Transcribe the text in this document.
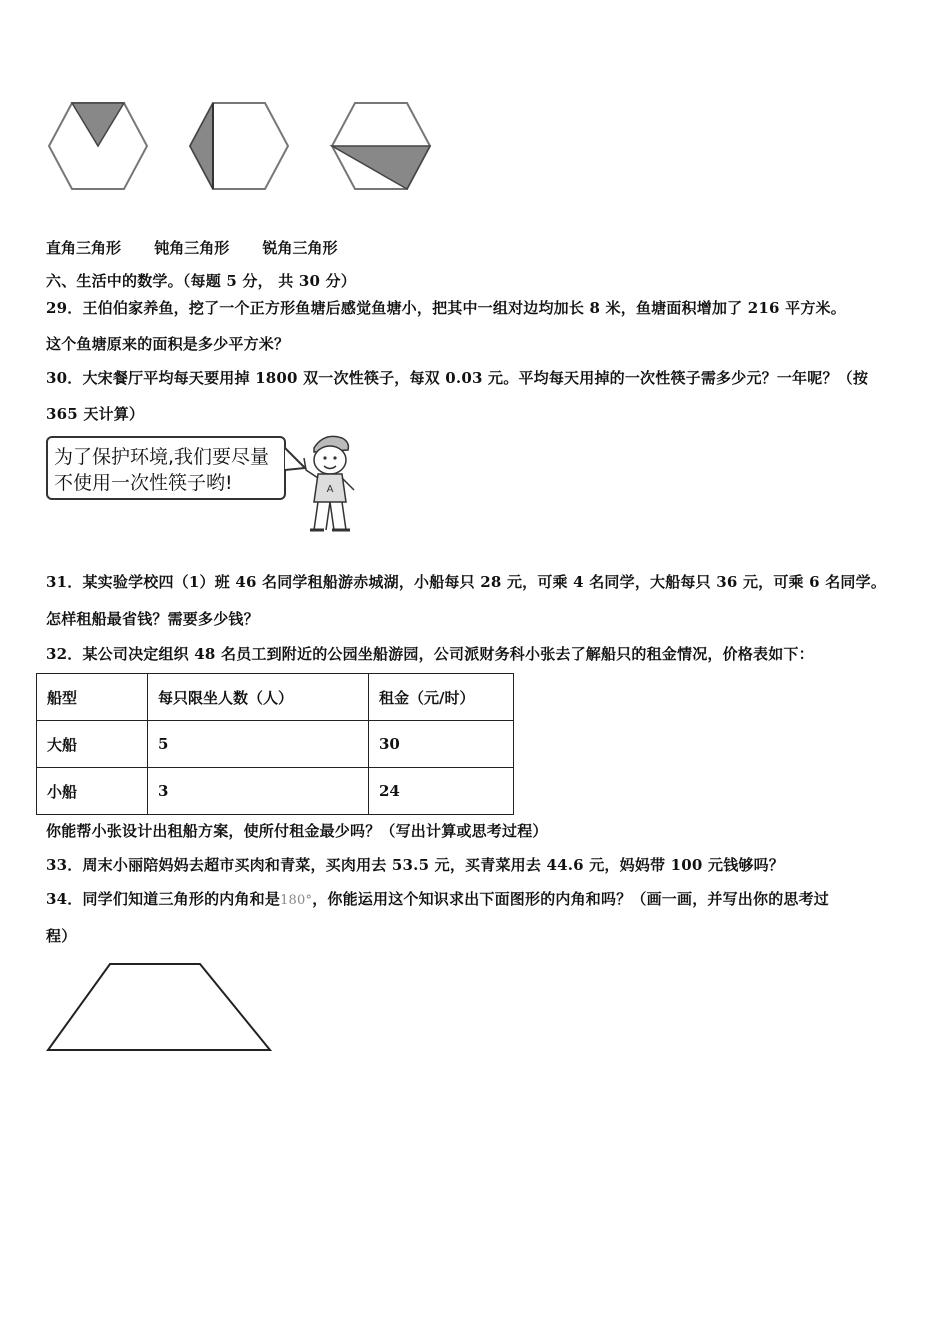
直角三角形 钝角三角形 锐角三角形
六、生活中的数学。（每题 5 分， 共 30 分）
29．王伯伯家养鱼，挖了一个正方形鱼塘后感觉鱼塘小，把其中一组对边均加长 8 米，鱼塘面积增加了 216 平方米。
这个鱼塘原来的面积是多少平方米？
30．大宋餐厅平均每天要用掉 1800 双一次性筷子，每双 0.03 元。平均每天用掉的一次性筷子需多少元？一年呢？（按
365 天计算）
为了保护环境,我们要尽量
不使用一次性筷子哟!	A
31．某实验学校四（1）班 46 名同学租船游赤城湖，小船每只 28 元，可乘 4 名同学，大船每只 36 元，可乘 6 名同学。
怎样租船最省钱？需要多少钱？
32．某公司决定组织 48 名员工到附近的公园坐船游园，公司派财务科小张去了解船只的租金情况，价格表如下：
船型	每只限坐人数（人）	租金（元/时）
大船	5	30
小船	3	24
你能帮小张设计出租船方案，使所付租金最少吗？（写出计算或思考过程）
33．周末小丽陪妈妈去超市买肉和青菜，买肉用去 53.5 元，买青菜用去 44.6 元，妈妈带 100 元钱够吗？
34．同学们知道三角形的内角和是180°，你能运用这个知识求出下面图形的内角和吗？（画一画，并写出你的思考过
程）
